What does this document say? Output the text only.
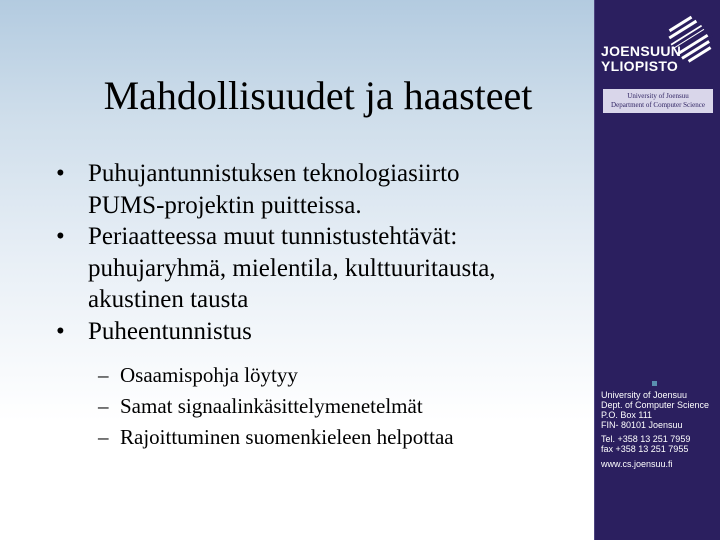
Mahdollisuudet ja haasteet
• Puhujantunnistuksen teknologiasiirto
PUMS-projektin puitteissa.
• Periaatteessa muut tunnistustehtävät:
puhujaryhmä, mielentila, kulttuuritausta,
akustinen tausta
• Puheentunnistus
– Osaamispohja löytyy
– Samat signaalinkäsittelymenetelmät
– Rajoittuminen suomenkieleen helpottaa
JOENSUUN
YLIOPISTO
University of Joensuu
Department of Computer Science
University of Joensuu
Dept. of Computer Science
P.O. Box 111
FIN- 80101 Joensuu
Tel. +358 13 251 7959
fax +358 13 251 7955
www.cs.joensuu.fi
